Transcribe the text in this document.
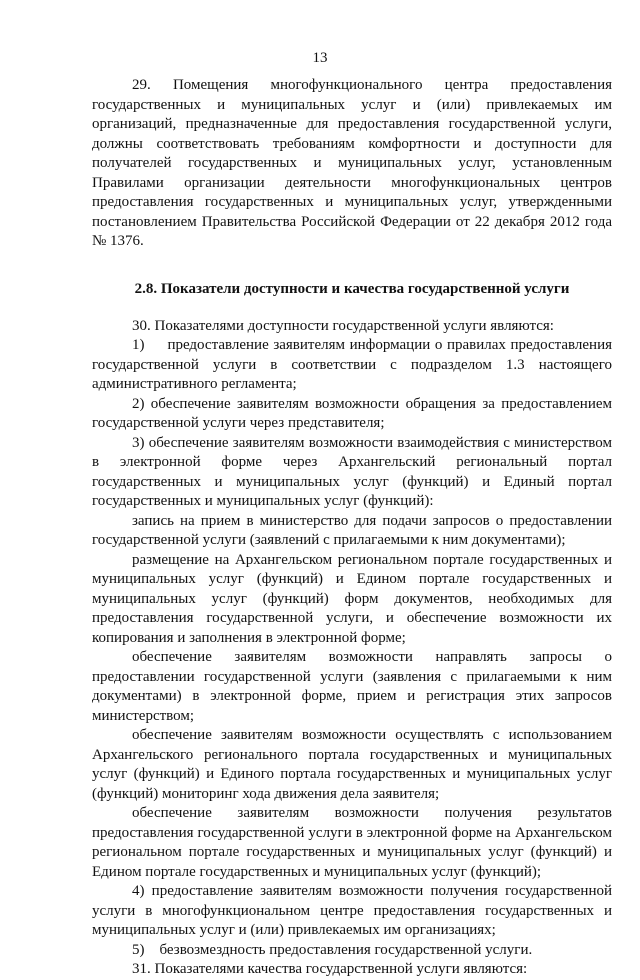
13

29. Помещения многофункционального центра предоставления государственных и муниципальных услуг и (или) привлекаемых им организаций, предназначенные для предоставления государственной услуги, должны соответствовать требованиям комфортности и доступности для получателей государственных и муниципальных услуг, установленным Правилами организации деятельности многофункциональных центров предоставления государственных и муниципальных услуг, утвержденными постановлением Правительства Российской Федерации от 22 декабря 2012 года № 1376.

2.8. Показатели доступности и качества государственной услуги

30. Показателями доступности государственной услуги являются:

1)     предоставление заявителям информации о правилах предоставления государственной услуги в соответствии с подразделом 1.3 настоящего административного регламента;

2) обеспечение заявителям возможности обращения за предоставлением государственной услуги через представителя;

3) обеспечение заявителям возможности взаимодействия с министерством в электронной форме через Архангельский региональный портал государственных и муниципальных услуг (функций) и Единый портал государственных и муниципальных услуг (функций):

запись на прием в министерство для подачи запросов о предоставлении государственной услуги (заявлений с прилагаемыми к ним документами);

размещение на Архангельском региональном портале государственных и муниципальных услуг (функций) и Едином портале государственных и муниципальных услуг (функций) форм документов, необходимых для предоставления государственной услуги, и обеспечение возможности их копирования и заполнения в электронной форме;

обеспечение заявителям возможности направлять запросы о предоставлении государственной услуги (заявления с прилагаемыми к ним документами) в электронной форме, прием и регистрация этих запросов министерством;

обеспечение заявителям возможности осуществлять с использованием Архангельского регионального портала государственных и муниципальных услуг (функций) и Единого портала государственных и муниципальных услуг (функций) мониторинг хода движения дела заявителя;

обеспечение заявителям возможности получения результатов предоставления государственной услуги в электронной форме на Архангельском региональном портале государственных и муниципальных услуг (функций) и Едином портале государственных и муниципальных услуг (функций);

4) предоставление заявителям возможности получения государственной услуги в многофункциональном центре предоставления государственных и муниципальных услуг и (или) привлекаемых им организациях;

5)    безвозмездность предоставления государственной услуги.

31. Показателями качества государственной услуги являются:
